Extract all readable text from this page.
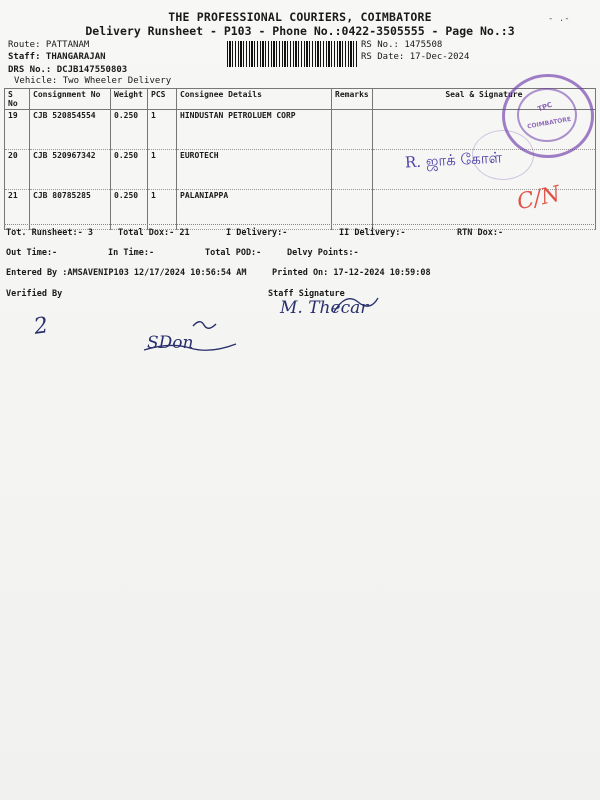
- .-
THE PROFESSIONAL COURIERS, COIMBATORE
Delivery Runsheet - P103 - Phone No.:0422-3505555 - Page No.:3
Route: PATTANAM
Staff: THANGARAJAN
DRS No.: DCJB147550803
Vehicle: Two Wheeler Delivery
RS No.: 1475508
RS Date: 17-Dec-2024
S No	Consignment No	Weight	PCS	Consignee Details	Remarks	Seal & Signature
19	CJB 520854554	0.250	1	HINDUSTAN PETROLUEM CORP		
20	CJB 520967342	0.250	1	EUROTECH		
21	CJB 80785285	0.250	1	PALANIAPPA		
Tot. Runsheet:- 3	Total Dox:- 21	I Delivery:-	II Delivery:-	RTN Dox:-
Out Time:-	In Time:-	Total POD:-	Delvy Points:-
Entered By :AMSAVENIP103 12/17/2024 10:56:54 AM	Printed On: 17-12-2024 10:59:08
Verified By	Staff Signature
TPC
COIMBATORE
R. ஜாக் கோள்
C/N
M. Thecar
2
SDon
